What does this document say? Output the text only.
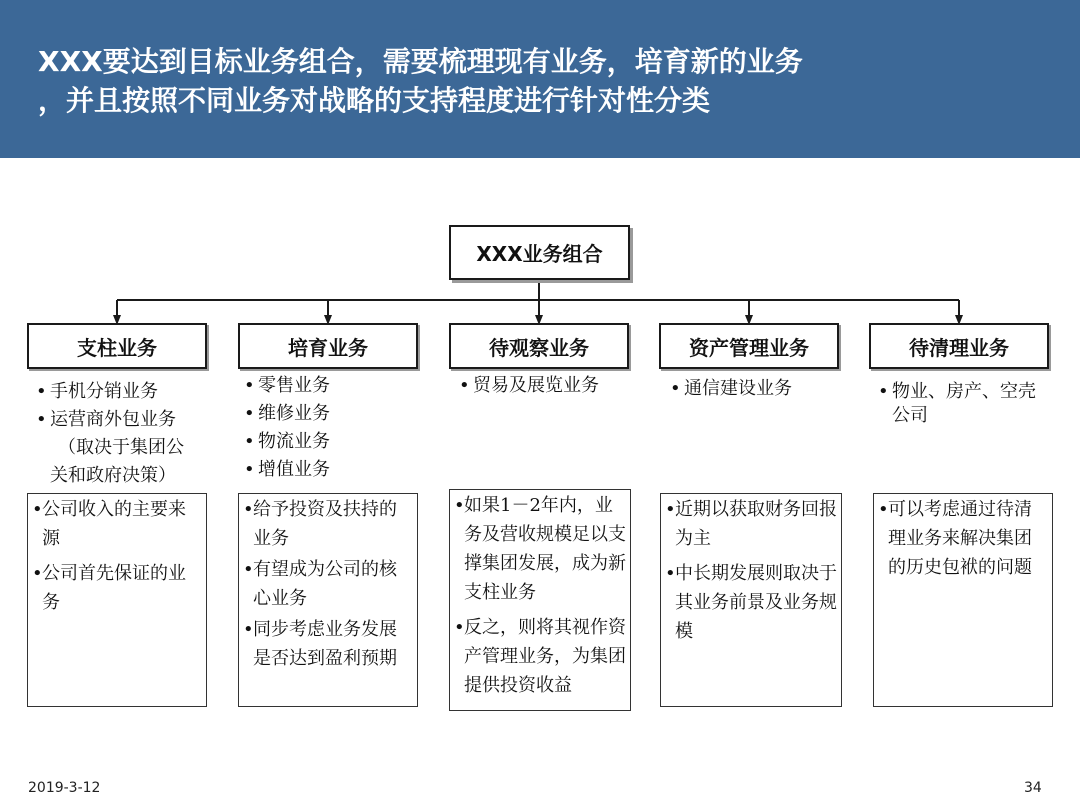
XXX要达到目标业务组合，需要梳理现有业务，培育新的业务
，并且按照不同业务对战略的支持程度进行针对性分类
XXX业务组合
支柱业务
• 手机分销业务
• 运营商外包业务
（取决于集团公
关和政府决策）

• 公司收入的主要来源

• 公司首先保证的业务

培育业务
• 零售业务
• 维修业务
• 物流业务
• 增值业务

• 给予投资及扶持的业务

• 有望成为公司的核心业务

• 同步考虑业务发展是否达到盈利预期

待观察业务
• 贸易及展览业务

• 如果1－2年内，业务及营收规模足以支撑集团发展，成为新支柱业务

• 反之，则将其视作资产管理业务，为集团提供投资收益

资产管理业务
• 通信建设业务

• 近期以获取财务回报为主

• 中长期发展则取决于其业务前景及业务规模

待清理业务
• 物业、房产、空壳公司

• 可以考虑通过待清理业务来解决集团的历史包袱的问题

2019-3-12	34
